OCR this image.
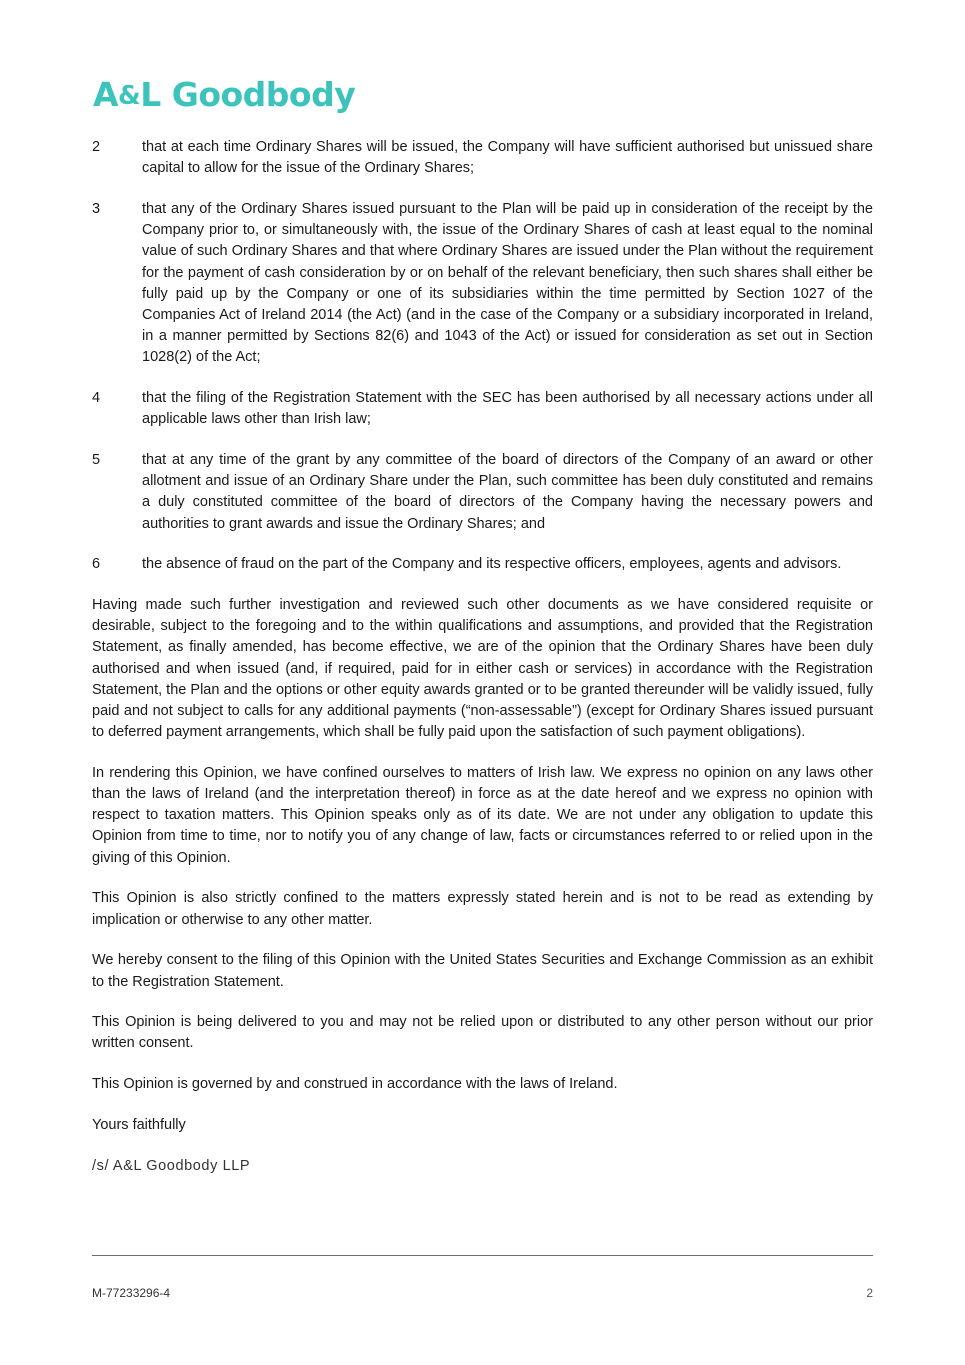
A&L Goodbody
2	that at each time Ordinary Shares will be issued, the Company will have sufficient authorised but unissued share capital to allow for the issue of the Ordinary Shares;
3	that any of the Ordinary Shares issued pursuant to the Plan will be paid up in consideration of the receipt by the Company prior to, or simultaneously with, the issue of the Ordinary Shares of cash at least equal to the nominal value of such Ordinary Shares and that where Ordinary Shares are issued under the Plan without the requirement for the payment of cash consideration by or on behalf of the relevant beneficiary, then such shares shall either be fully paid up by the Company or one of its subsidiaries within the time permitted by Section 1027 of the Companies Act of Ireland 2014 (the Act) (and in the case of the Company or a subsidiary incorporated in Ireland, in a manner permitted by Sections 82(6) and 1043 of the Act) or issued for consideration as set out in Section 1028(2) of the Act;
4	that the filing of the Registration Statement with the SEC has been authorised by all necessary actions under all applicable laws other than Irish law;
5	that at any time of the grant by any committee of the board of directors of the Company of an award or other allotment and issue of an Ordinary Share under the Plan, such committee has been duly constituted and remains a duly constituted committee of the board of directors of the Company having the necessary powers and authorities to grant awards and issue the Ordinary Shares; and
6	the absence of fraud on the part of the Company and its respective officers, employees, agents and advisors.

Having made such further investigation and reviewed such other documents as we have considered requisite or desirable, subject to the foregoing and to the within qualifications and assumptions, and provided that the Registration Statement, as finally amended, has become effective, we are of the opinion that the Ordinary Shares have been duly authorised and when issued (and, if required, paid for in either cash or services) in accordance with the Registration Statement, the Plan and the options or other equity awards granted or to be granted thereunder will be validly issued, fully paid and not subject to calls for any additional payments (“non-assessable”) (except for Ordinary Shares issued pursuant to deferred payment arrangements, which shall be fully paid upon the satisfaction of such payment obligations).

In rendering this Opinion, we have confined ourselves to matters of Irish law. We express no opinion on any laws other than the laws of Ireland (and the interpretation thereof) in force as at the date hereof and we express no opinion with respect to taxation matters. This Opinion speaks only as of its date. We are not under any obligation to update this Opinion from time to time, nor to notify you of any change of law, facts or circumstances referred to or relied upon in the giving of this Opinion.

This Opinion is also strictly confined to the matters expressly stated herein and is not to be read as extending by implication or otherwise to any other matter.

We hereby consent to the filing of this Opinion with the United States Securities and Exchange Commission as an exhibit to the Registration Statement.

This Opinion is being delivered to you and may not be relied upon or distributed to any other person without our prior written consent.

This Opinion is governed by and construed in accordance with the laws of Ireland.

Yours faithfully

/s/ A&L Goodbody LLP

M-77233296-4	2
